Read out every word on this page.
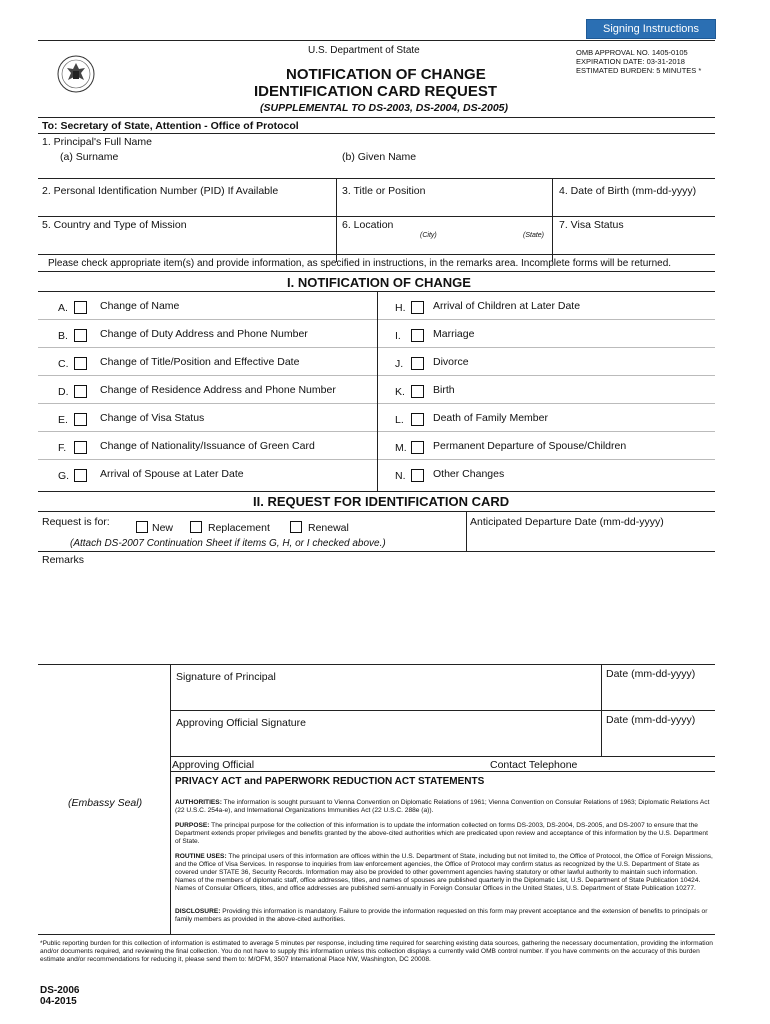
Signing Instructions
U.S. Department of State
NOTIFICATION OF CHANGE
IDENTIFICATION CARD REQUEST
(SUPPLEMENTAL TO DS-2003, DS-2004, DS-2005)
OMB APPROVAL NO. 1405-0105
EXPIRATION DATE: 03-31-2018
ESTIMATED BURDEN: 5 MINUTES *
To: Secretary of State, Attention - Office of Protocol
1. Principal's Full Name
(a) Surname	(b) Given Name
2. Personal Identification Number (PID) If Available	3. Title or Position	4. Date of Birth (mm-dd-yyyy)
5. Country and Type of Mission	6. Location
(City)	(State)
7. Visa Status
Please check appropriate item(s) and provide information, as specified in instructions, in the remarks area. Incomplete forms will be returned.
I. NOTIFICATION OF CHANGE
A.	Change of Name
B.	Change of Duty Address and Phone Number
C.	Change of Title/Position and Effective Date
D.	Change of Residence Address and Phone Number
E.	Change of Visa Status
F.	Change of Nationality/Issuance of Green Card
G.	Arrival of Spouse at Later Date
H.	Arrival of Children at Later Date
I.	Marriage
J.	Divorce
K.	Birth
L.	Death of Family Member
M.	Permanent Departure of Spouse/Children
N.	Other Changes
II. REQUEST FOR IDENTIFICATION CARD
Request is for:	New	Replacement	Renewal	Anticipated Departure Date (mm-dd-yyyy)
(Attach DS-2007 Continuation Sheet if items G, H, or I checked above.)
Remarks
Signature of Principal	Date (mm-dd-yyyy)
Approving Official Signature	Date (mm-dd-yyyy)
Approving Official	Contact Telephone
(Embassy Seal)
PRIVACY ACT and PAPERWORK REDUCTION ACT STATEMENTS
AUTHORITIES: The information is sought pursuant to Vienna Convention on Diplomatic Relations of 1961; Vienna Convention on Consular Relations of 1963; Diplomatic Relations Act (22 U.S.C. 254a-e), and International Organizations Immunities Act (22 U.S.C. 288e (a)).
PURPOSE: The principal purpose for the collection of this information is to update the information collected on forms DS-2003, DS-2004, DS-2005, and DS-2007 to ensure that the Department extends proper privileges and benefits granted by the above-cited authorities which are predicated upon review and acceptance of this information by the U.S. Department of State.
ROUTINE USES: The principal users of this information are offices within the U.S. Department of State, including but not limited to, the Office of Protocol, the Office of Foreign Missions, and the Office of Visa Services. In response to inquiries from law enforcement agencies, the Office of Protocol may confirm status as recognized by the U.S. Department of State as covered under STATE 36, Security Records. Information may also be provided to other government agencies having statutory or other lawful authority to maintain such information. Names of the members of diplomatic staff, office addresses, titles, and names of spouses are published quarterly in the Diplomatic List, U.S. Department of State Publication 10424. Names of Consular Officers, titles, and office addresses are published semi-annually in Foreign Consular Offices in the United States, U.S. Department of State Publication 10277.
DISCLOSURE: Providing this information is mandatory. Failure to provide the information requested on this form may prevent acceptance and the extension of benefits to principals or family members as provided in the above-cited authorities.
*Public reporting burden for this collection of information is estimated to average 5 minutes per response, including time required for searching existing data sources, gathering the necessary documentation, providing the information and/or documents required, and reviewing the final collection. You do not have to supply this information unless this collection displays a currently valid OMB control number. If you have comments on the accuracy of this burden estimate and/or recommendations for reducing it, please send them to: M/OFM, 3507 International Place NW, Washington, DC 20008.
DS-2006
04-2015
